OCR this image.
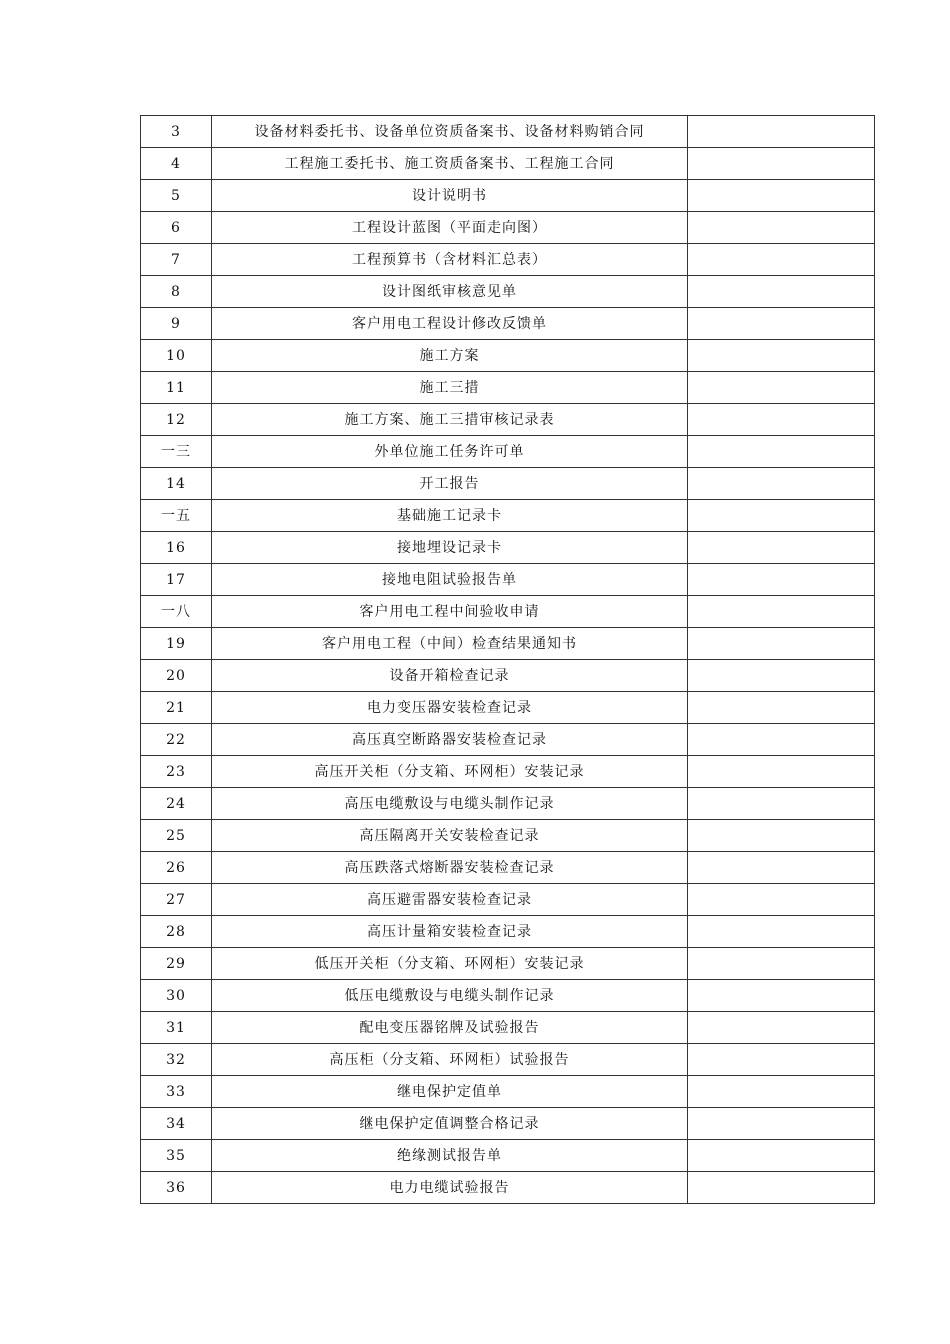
3	设备材料委托书、设备单位资质备案书、设备材料购销合同	
4	工程施工委托书、施工资质备案书、工程施工合同	
5	设计说明书	
6	工程设计蓝图（平面走向图）	
7	工程预算书（含材料汇总表）	
8	设计图纸审核意见单	
9	客户用电工程设计修改反馈单	
10	施工方案	
11	施工三措	
12	施工方案、施工三措审核记录表	
一三	外单位施工任务许可单	
14	开工报告	
一五	基础施工记录卡	
16	接地埋设记录卡	
17	接地电阻试验报告单	
一八	客户用电工程中间验收申请	
19	客户用电工程（中间）检查结果通知书	
20	设备开箱检查记录	
21	电力变压器安装检查记录	
22	高压真空断路器安装检查记录	
23	高压开关柜（分支箱、环网柜）安装记录	
24	高压电缆敷设与电缆头制作记录	
25	高压隔离开关安装检查记录	
26	高压跌落式熔断器安装检查记录	
27	高压避雷器安装检查记录	
28	高压计量箱安装检查记录	
29	低压开关柜（分支箱、环网柜）安装记录	
30	低压电缆敷设与电缆头制作记录	
31	配电变压器铭牌及试验报告	
32	高压柜（分支箱、环网柜）试验报告	
33	继电保护定值单	
34	继电保护定值调整合格记录	
35	绝缘测试报告单	
36	电力电缆试验报告	
